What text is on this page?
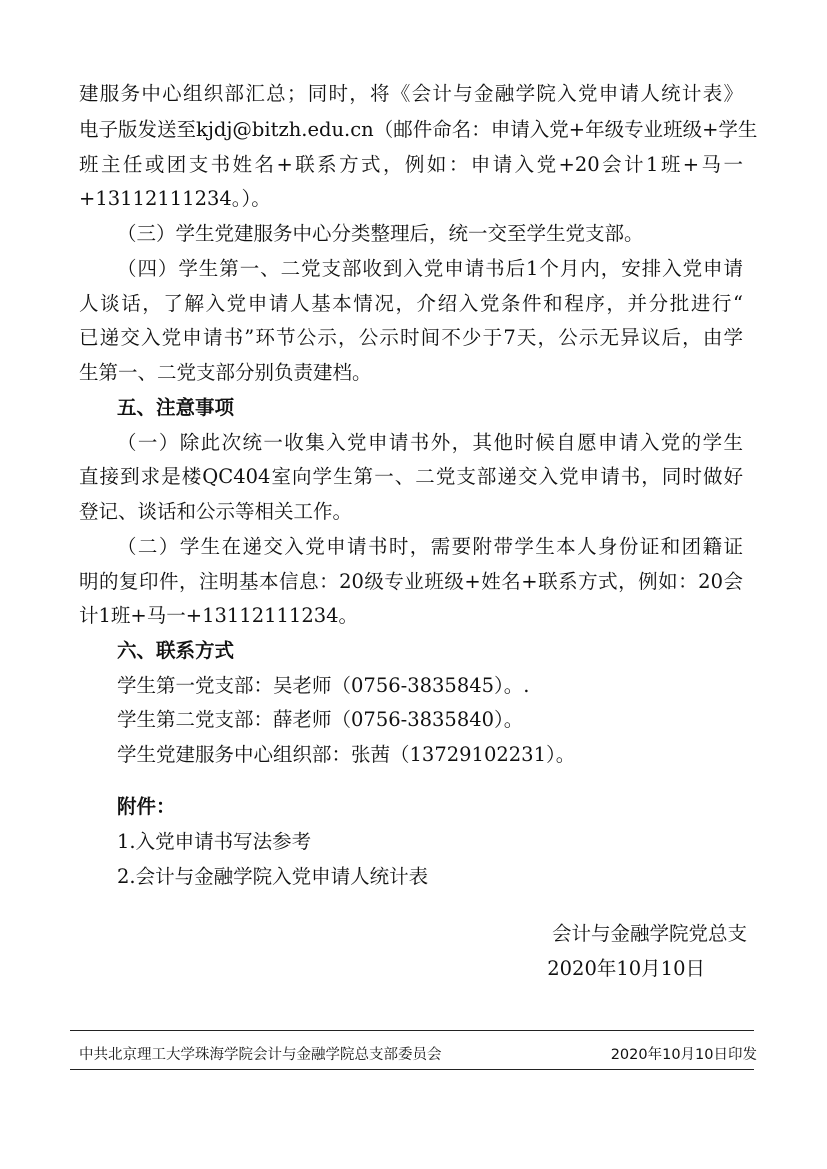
建服务中心组织部汇总；同时，将《会计与金融学院入党申请人统计表》
电子版发送至kjdj@bitzh.edu.cn（邮件命名：申请入党+年级专业班级+学生
班主任或团支书姓名+联系方式，例如：申请入党+20会计1班+马一
+13112111234。）。
（三）学生党建服务中心分类整理后，统一交至学生党支部。
（四）学生第一、二党支部收到入党申请书后1个月内，安排入党申请
人谈话，了解入党申请人基本情况，介绍入党条件和程序，并分批进行“
已递交入党申请书”环节公示，公示时间不少于7天，公示无异议后，由学
生第一、二党支部分别负责建档。
五、注意事项
（一）除此次统一收集入党申请书外，其他时候自愿申请入党的学生
直接到求是楼QC404室向学生第一、二党支部递交入党申请书，同时做好
登记、谈话和公示等相关工作。
（二）学生在递交入党申请书时，需要附带学生本人身份证和团籍证
明的复印件，注明基本信息：20级专业班级+姓名+联系方式，例如：20会
计1班+马一+13112111234。
六、联系方式
学生第一党支部：吴老师（0756-3835845）。.
学生第二党支部：薛老师（0756-3835840）。
学生党建服务中心组织部：张茜（13729102231）。
附件：
1.入党申请书写法参考
2.会计与金融学院入党申请人统计表
会计与金融学院党总支
2020年10月10日
中共北京理工大学珠海学院会计与金融学院总支部委员会	2020年10月10日印发
